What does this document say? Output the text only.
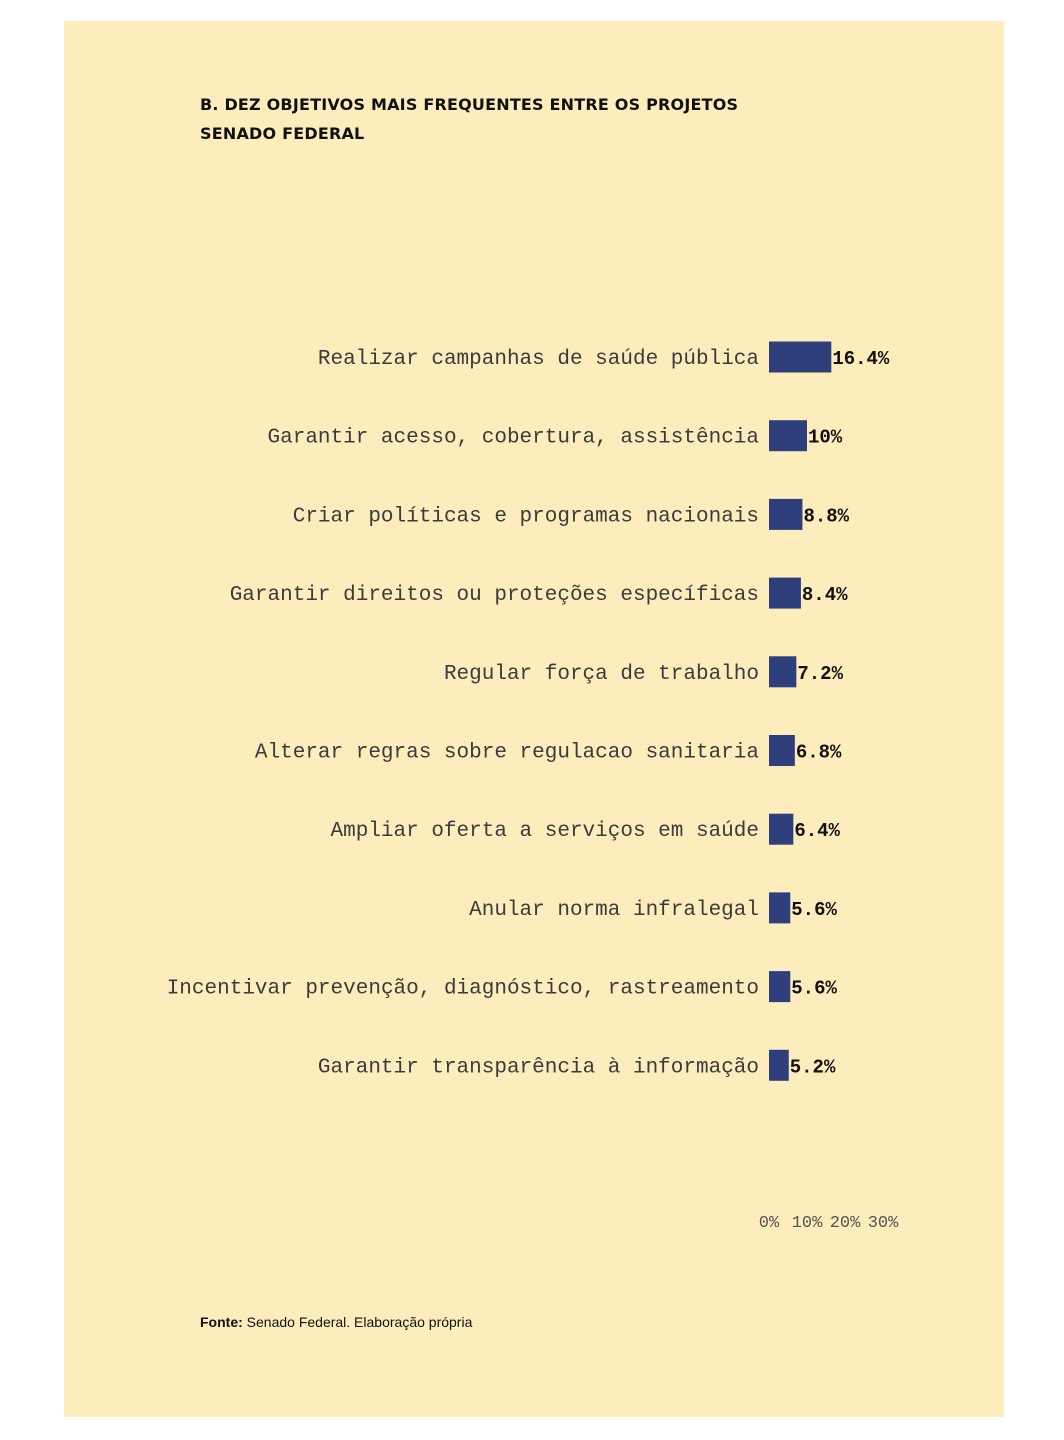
B. DEZ OBJETIVOS MAIS FREQUENTES ENTRE OS PROJETOS
SENADO FEDERAL
Realizar campanhas de saúde pública	16.4%
Garantir acesso, cobertura, assistência	10%
Criar políticas e programas nacionais 8.8%
Garantir direitos ou proteções específicas 8.4%
Regular força de trabalho 7.2%
Alterar regras sobre regulacao sanitaria 6.8%
Ampliar oferta a serviços em saúde 6.4%
Anular norma infralegal 5.6%
Incentivar prevenção, diagnóstico, rastreamento 5.6%
Garantir transparência à informação 5.2%
0% 10% 20% 30%
Fonte: Senado Federal. Elaboração própria
